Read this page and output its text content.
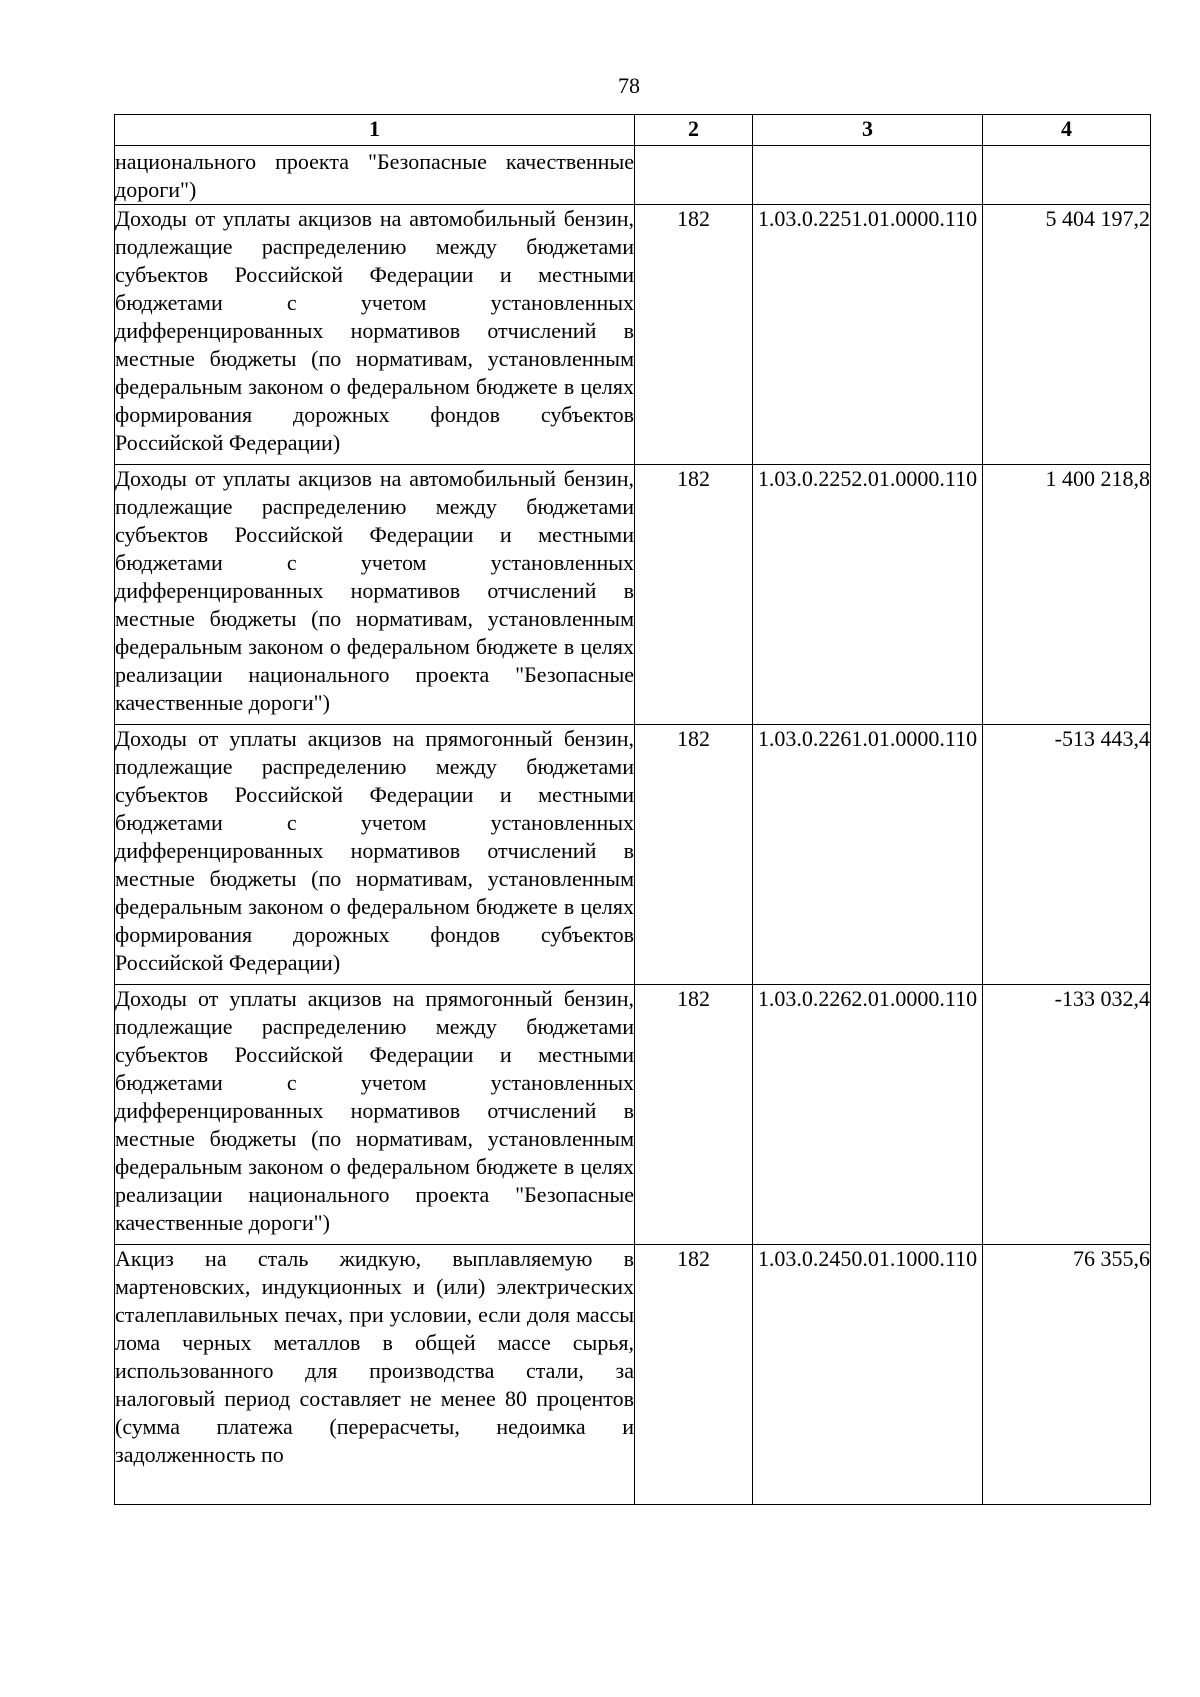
78
1	2	3	4
национального проекта "Безопасные качественные дороги")			
Доходы от уплаты акцизов на автомобильный бензин, подлежащие распределению между бюджетами субъектов Российской Федерации и местными бюджетами с учетом установленных дифференцированных нормативов отчислений в местные бюджеты (по нормативам, установленным федеральным законом о федеральном бюджете в целях формирования дорожных фондов субъектов Российской Федерации)	182	1.03.0.2251.01.0000.110	5 404 197,2
Доходы от уплаты акцизов на автомобильный бензин, подлежащие распределению между бюджетами субъектов Российской Федерации и местными бюджетами с учетом установленных дифференцированных нормативов отчислений в местные бюджеты (по нормативам, установленным федеральным законом о федеральном бюджете в целях реализации национального проекта "Безопасные качественные дороги")	182	1.03.0.2252.01.0000.110	1 400 218,8
Доходы от уплаты акцизов на прямогонный бензин, подлежащие распределению между бюджетами субъектов Российской Федерации и местными бюджетами с учетом установленных дифференцированных нормативов отчислений в местные бюджеты (по нормативам, установленным федеральным законом о федеральном бюджете в целях формирования дорожных фондов субъектов Российской Федерации)	182	1.03.0.2261.01.0000.110	-513 443,4
Доходы от уплаты акцизов на прямогонный бензин, подлежащие распределению между бюджетами субъектов Российской Федерации и местными бюджетами с учетом установленных дифференцированных нормативов отчислений в местные бюджеты (по нормативам, установленным федеральным законом о федеральном бюджете в целях реализации национального проекта "Безопасные качественные дороги")	182	1.03.0.2262.01.0000.110	-133 032,4
Акциз на сталь жидкую, выплавляемую в мартеновских, индукционных и (или) электрических сталеплавильных печах, при условии, если доля массы лома черных металлов в общей массе сырья, использованного для производства стали, за налоговый период составляет не менее 80 процентов (сумма платежа (перерасчеты, недоимка и задолженность по	182	1.03.0.2450.01.1000.110	76 355,6
